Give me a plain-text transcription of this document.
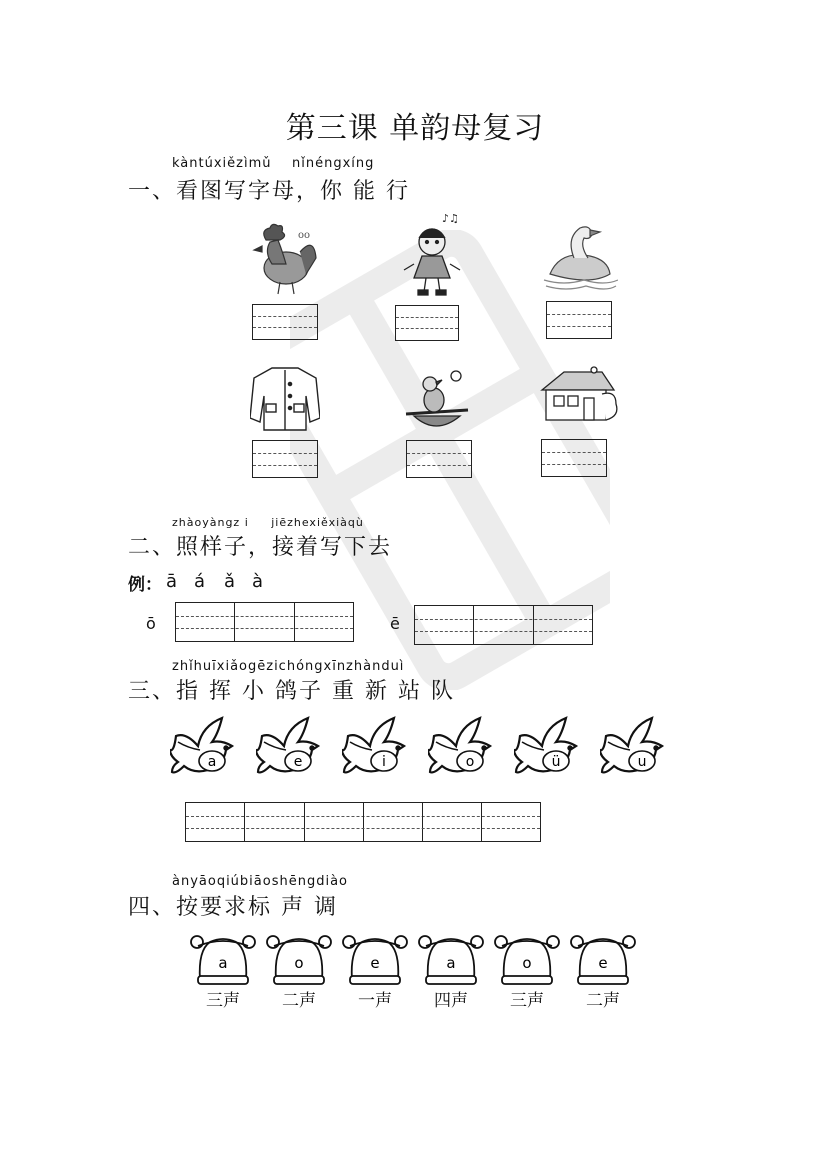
第三课 单韵母复习
kàntúxiězìmǔ    nǐnéngxíng
一、看图写字母，你 能 行
oo
♪♫
zhàoyàngz i     jiēzhexiěxiàqù
二、照样子，接着写下去
例： ā á ǎ à
ō	ē
zhǐhuīxiǎogēzichóngxīnzhànduì
三、指 挥 小 鸽子 重 新 站 队
a	e	i	o	ü	u
ànyāoqiúbiāoshēngdiào
四、按要求标 声 调
a
三声
o
二声
e
一声
a
四声
o
三声
e
二声
